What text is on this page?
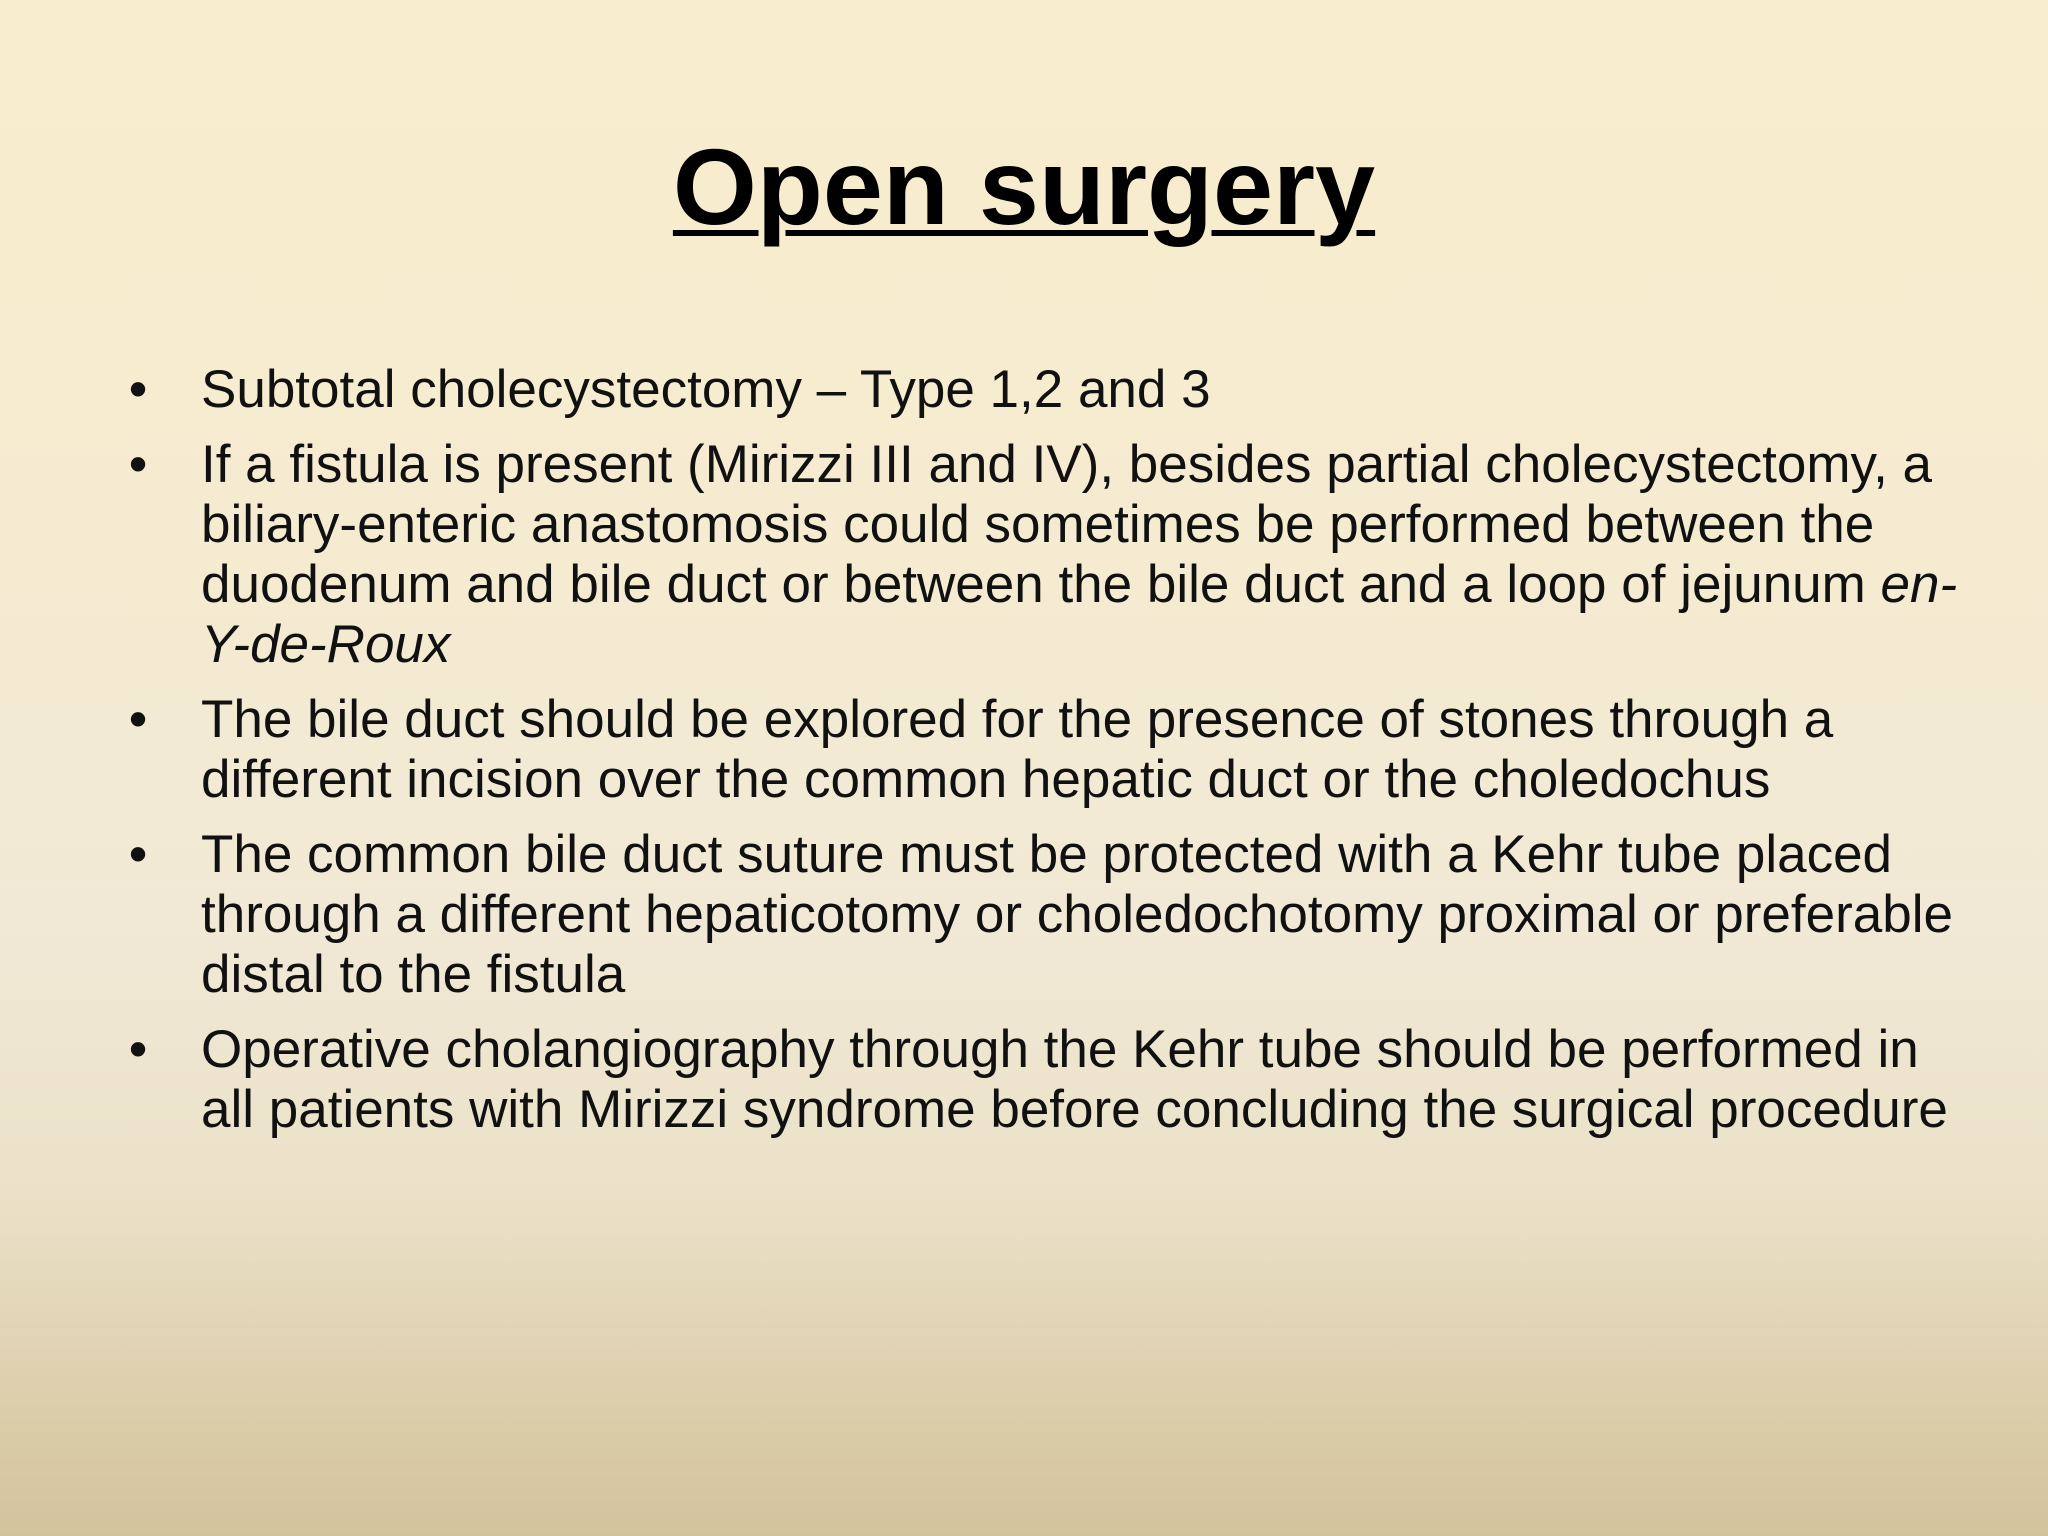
Open surgery
• Subtotal cholecystectomy – Type 1,2 and 3
• If a fistula is present (Mirizzi III and IV), besides partial cholecystectomy, a biliary-enteric anastomosis could sometimes be performed between the duodenum and bile duct or between the bile duct and a loop of jejunum en-Y-de-Roux
• The bile duct should be explored for the presence of stones through a different incision over the common hepatic duct or the choledochus
• The common bile duct suture must be protected with a Kehr tube placed through a different hepaticotomy or choledochotomy proximal or preferable distal to the fistula
• Operative cholangiography through the Kehr tube should be performed in all patients with Mirizzi syndrome before concluding the surgical procedure
